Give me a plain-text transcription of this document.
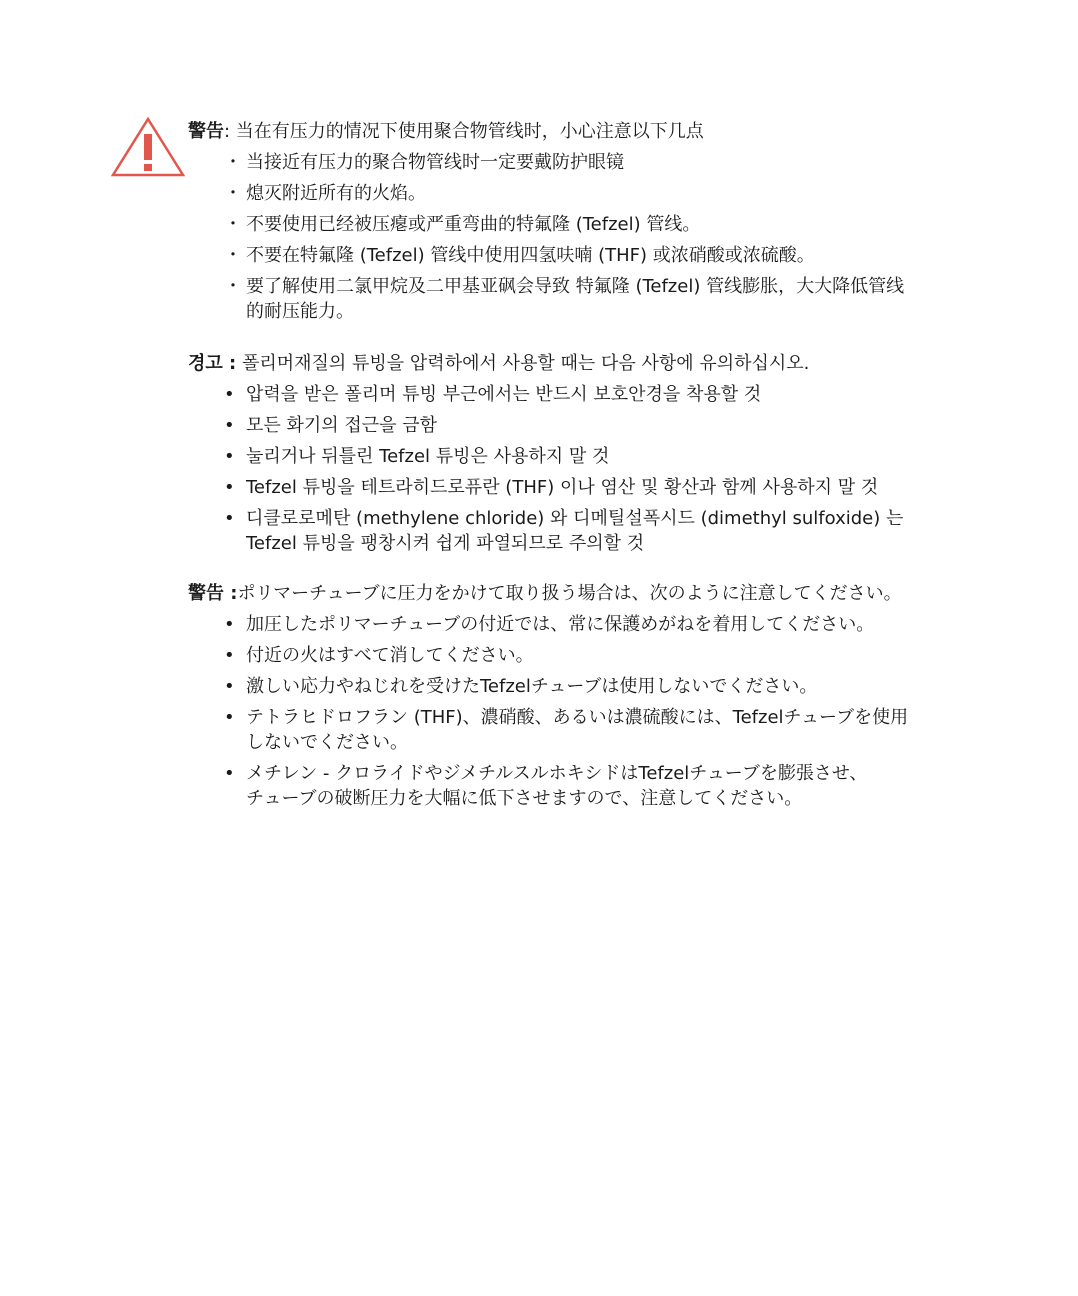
警告: 当在有压力的情况下使用聚合物管线时，小心注意以下几点
・ 当接近有压力的聚合物管线时一定要戴防护眼镜
・ 熄灭附近所有的火焰。
・ 不要使用已经被压瘪或严重弯曲的特氟隆 (Tefzel) 管线。
・ 不要在特氟隆 (Tefzel) 管线中使用四氢呋喃 (THF) 或浓硝酸或浓硫酸。
・ 要了解使用二氯甲烷及二甲基亚砜会导致 特氟隆 (Tefzel) 管线膨胀，大大降低管线
的耐压能力。
경고 : 폴리머재질의 튜빙을 압력하에서 사용할 때는 다음 사항에 유의하십시오.
• 압력을 받은 폴리머 튜빙 부근에서는 반드시 보호안경을 착용할 것
• 모든 화기의 접근을 금함
• 눌리거나 뒤틀린 Tefzel 튜빙은 사용하지 말 것
• Tefzel 튜빙을 테트라히드로퓨란 (THF) 이나 염산 및 황산과 함께 사용하지 말 것
• 디클로로메탄 (methylene chloride) 와 디메틸설폭시드 (dimethyl sulfoxide) 는
Tefzel 튜빙을 팽창시켜 쉽게 파열되므로 주의할 것
警告 :ポリマーチューブに圧力をかけて取り扱う場合は、次のように注意してください。
• 加圧したポリマーチューブの付近では、常に保護めがねを着用してください。
• 付近の火はすべて消してください。
• 激しい応力やねじれを受けたTefzelチューブは使用しないでください。
• テトラヒドロフラン (THF)、濃硝酸、あるいは濃硫酸には、Tefzelチューブを使用
しないでください。
• メチレン - クロライドやジメチルスルホキシドはTefzelチューブを膨張させ、
チューブの破断圧力を大幅に低下させますので、注意してください。
